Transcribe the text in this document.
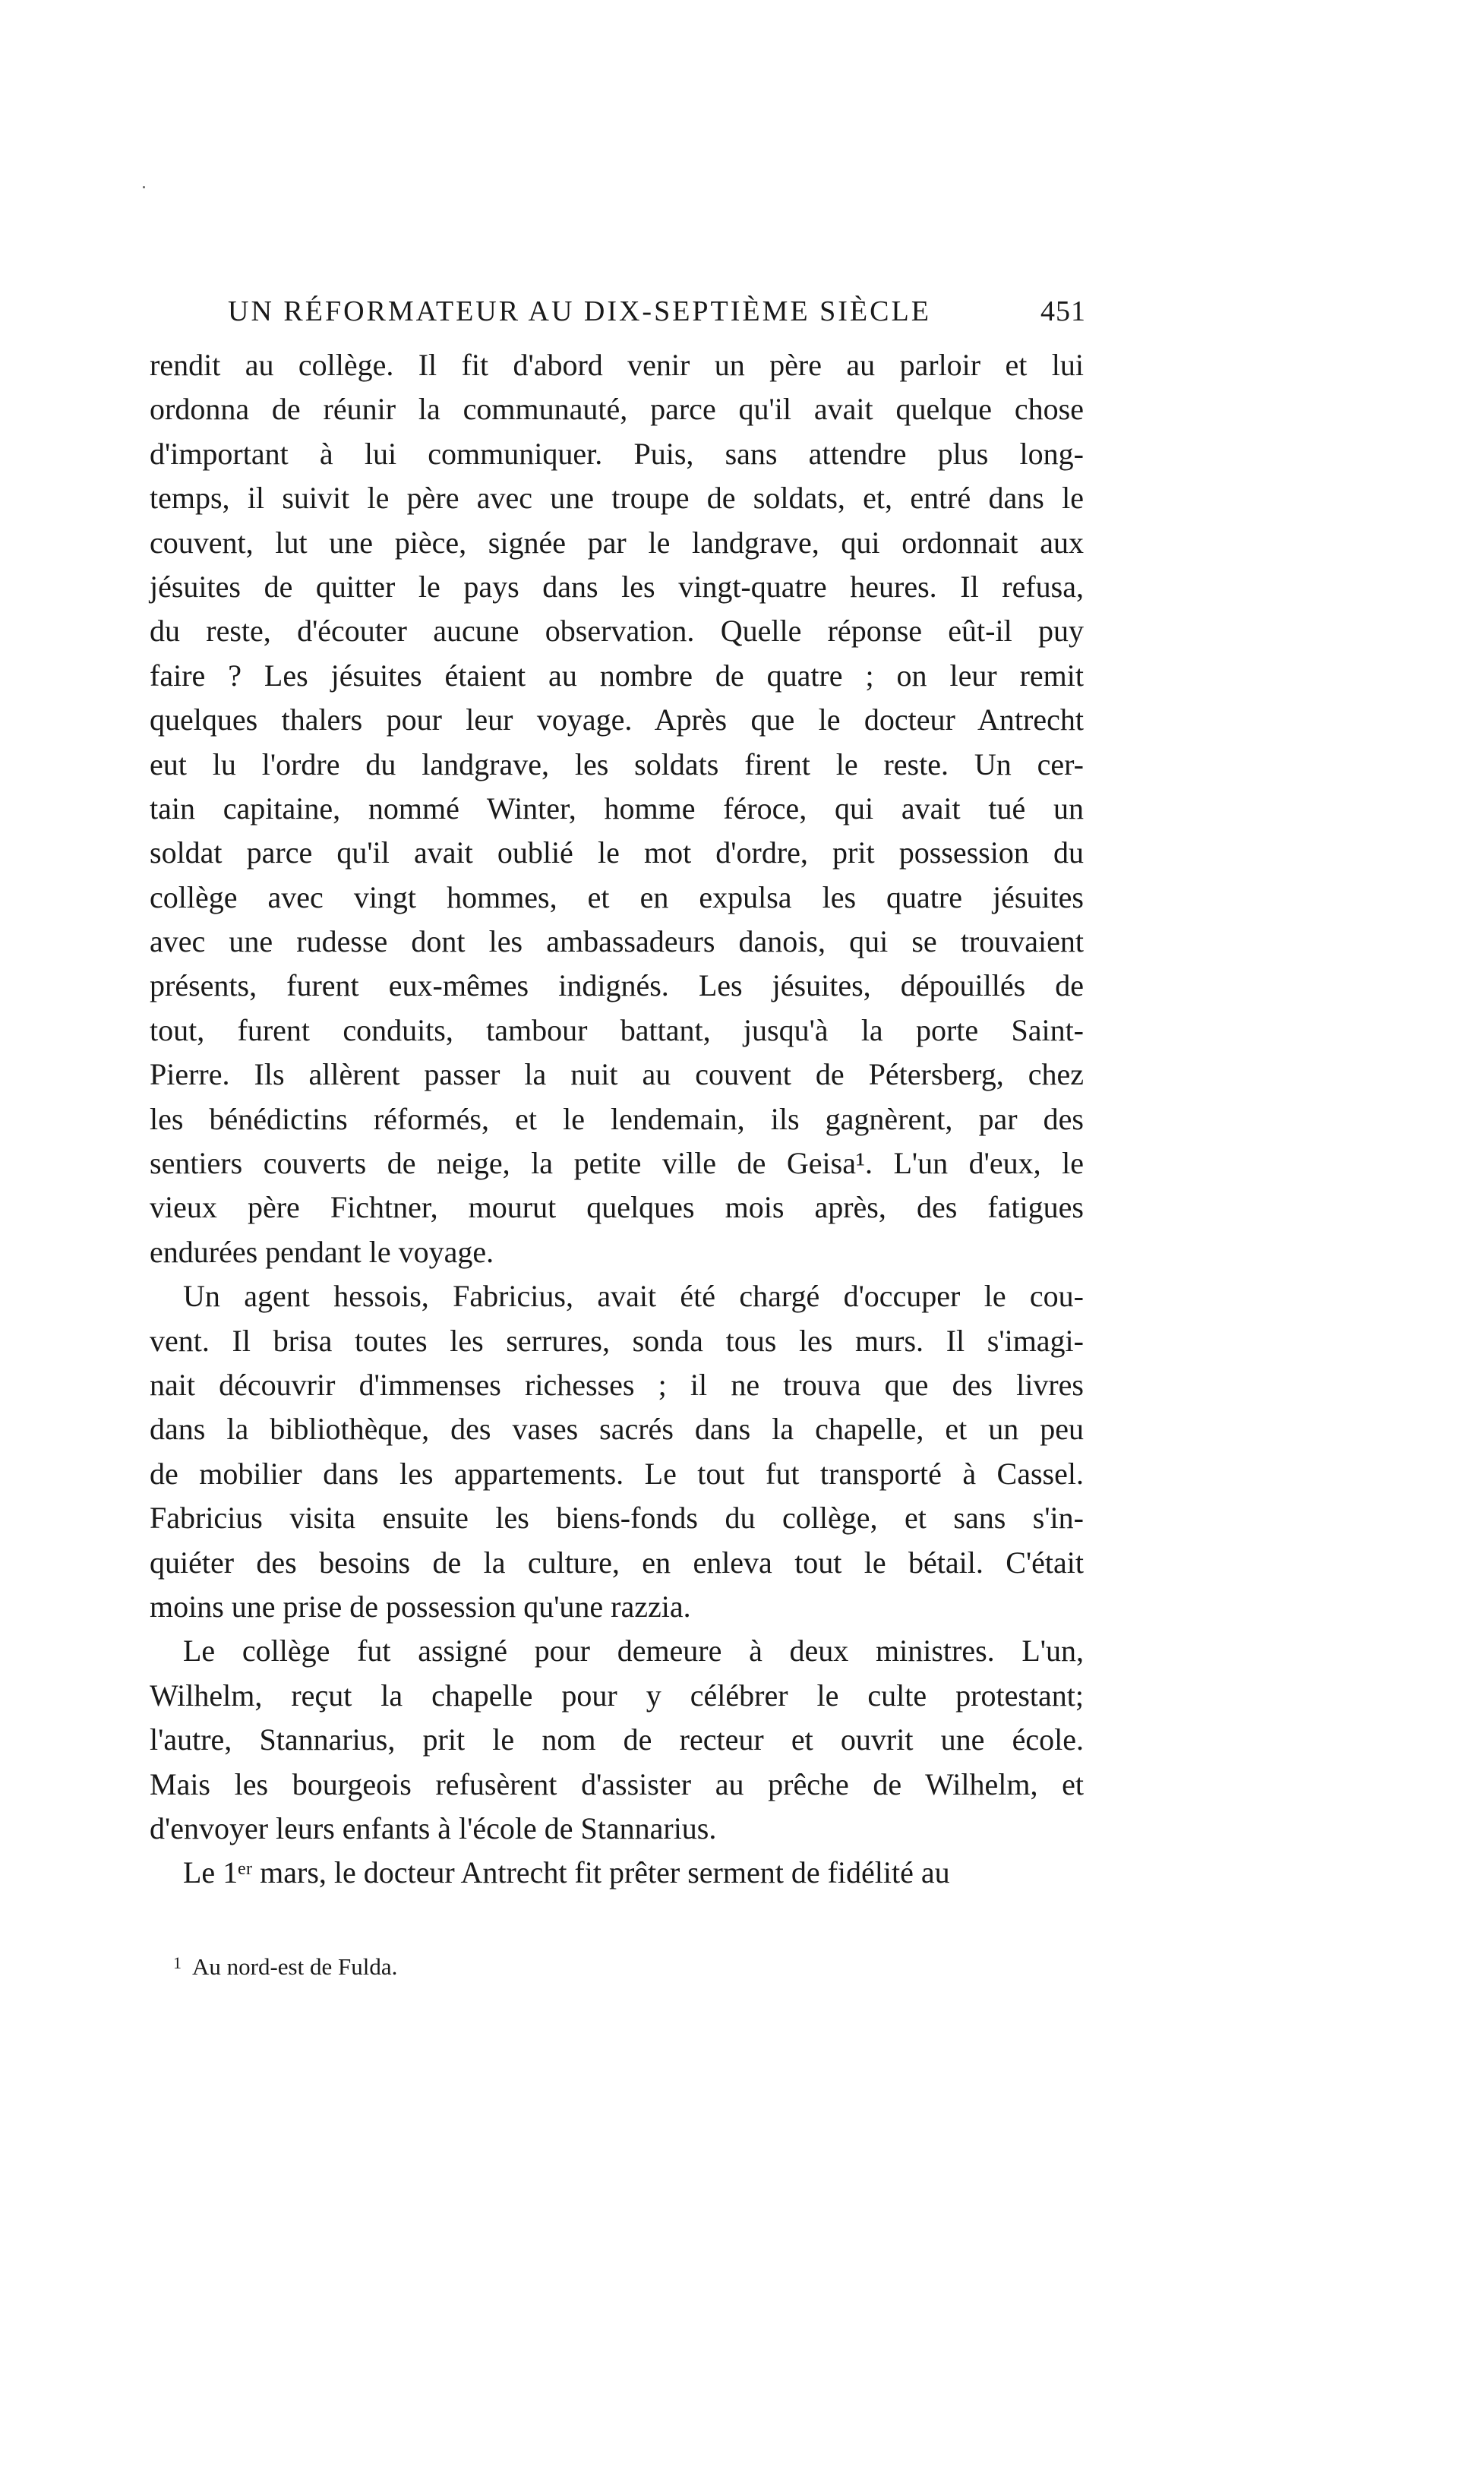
UN RÉFORMATEUR AU DIX-SEPTIÈME SIÈCLE	451
rendit au collège. Il fit d'abord venir un père au parloir et lui
ordonna de réunir la communauté, parce qu'il avait quelque chose
d'important à lui communiquer. Puis, sans attendre plus long-
temps, il suivit le père avec une troupe de soldats, et, entré dans le
couvent, lut une pièce, signée par le landgrave, qui ordonnait aux
jésuites de quitter le pays dans les vingt-quatre heures. Il refusa,
du reste, d'écouter aucune observation. Quelle réponse eût-il puy
faire ? Les jésuites étaient au nombre de quatre ; on leur remit
quelques thalers pour leur voyage. Après que le docteur Antrecht
eut lu l'ordre du landgrave, les soldats firent le reste. Un cer-
tain capitaine, nommé Winter, homme féroce, qui avait tué un
soldat parce qu'il avait oublié le mot d'ordre, prit possession du
collège avec vingt hommes, et en expulsa les quatre jésuites
avec une rudesse dont les ambassadeurs danois, qui se trouvaient
présents, furent eux-mêmes indignés. Les jésuites, dépouillés de
tout, furent conduits, tambour battant, jusqu'à la porte Saint-
Pierre. Ils allèrent passer la nuit au couvent de Pétersberg, chez
les bénédictins réformés, et le lendemain, ils gagnèrent, par des
sentiers couverts de neige, la petite ville de Geisa¹. L'un d'eux, le
vieux père Fichtner, mourut quelques mois après, des fatigues
endurées pendant le voyage.
Un agent hessois, Fabricius, avait été chargé d'occuper le cou-
vent. Il brisa toutes les serrures, sonda tous les murs. Il s'imagi-
nait découvrir d'immenses richesses ; il ne trouva que des livres
dans la bibliothèque, des vases sacrés dans la chapelle, et un peu
de mobilier dans les appartements. Le tout fut transporté à Cassel.
Fabricius visita ensuite les biens-fonds du collège, et sans s'in-
quiéter des besoins de la culture, en enleva tout le bétail. C'était
moins une prise de possession qu'une razzia.
Le collège fut assigné pour demeure à deux ministres. L'un,
Wilhelm, reçut la chapelle pour y célébrer le culte protestant;
l'autre, Stannarius, prit le nom de recteur et ouvrit une école.
Mais les bourgeois refusèrent d'assister au prêche de Wilhelm, et
d'envoyer leurs enfants à l'école de Stannarius.
Le 1ᵉʳ mars, le docteur Antrecht fit prêter serment de fidélité au
$^1$ Au nord-est de Fulda.
